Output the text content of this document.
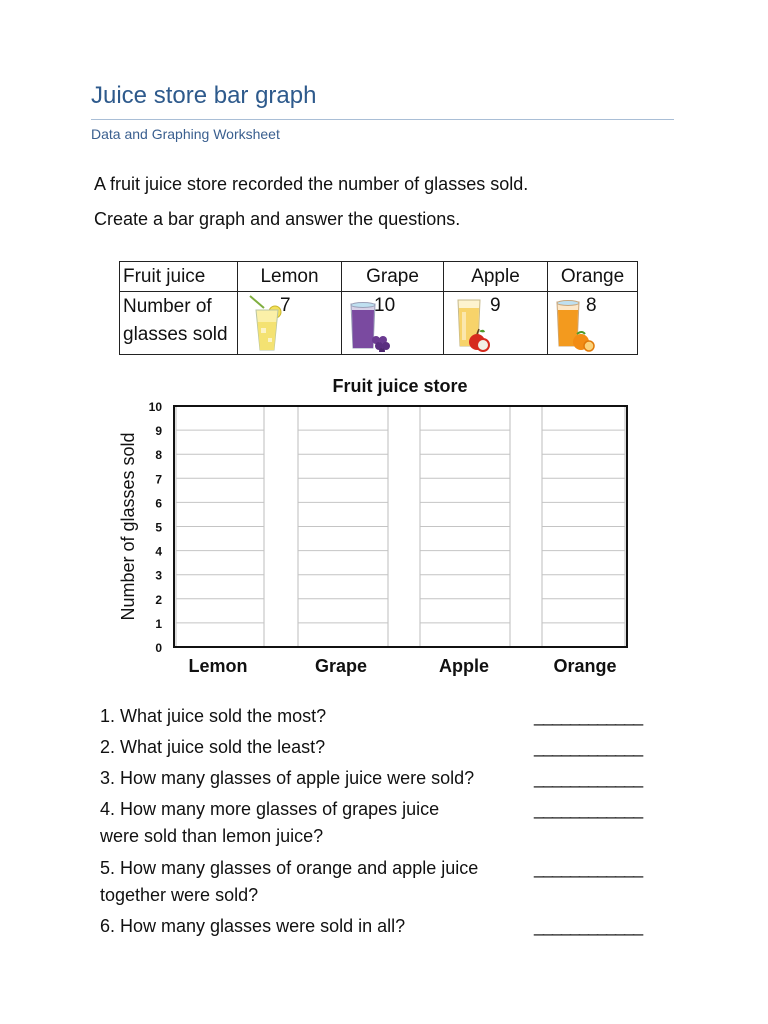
Juice store bar graph
Data and Graphing Worksheet
A fruit juice store recorded the number of glasses sold.
Create a bar graph and answer the questions.
Fruit juice	Lemon	Grape	Apple	Orange

Number of
glasses sold	7	10	9	8
Fruit juice store
Number of glasses sold
0
1
2
3
4
5
6
7
8
9
10
Lemon	Grape	Apple	Orange
1. What juice sold the most?	____________
2. What juice sold the least?	____________
3. How many glasses of apple juice were sold?	____________
4. How many more glasses of grapes juice
were sold than lemon juice?
____________
5. How many glasses of orange and apple juice
together were sold?
____________
6. How many glasses were sold in all?	____________
